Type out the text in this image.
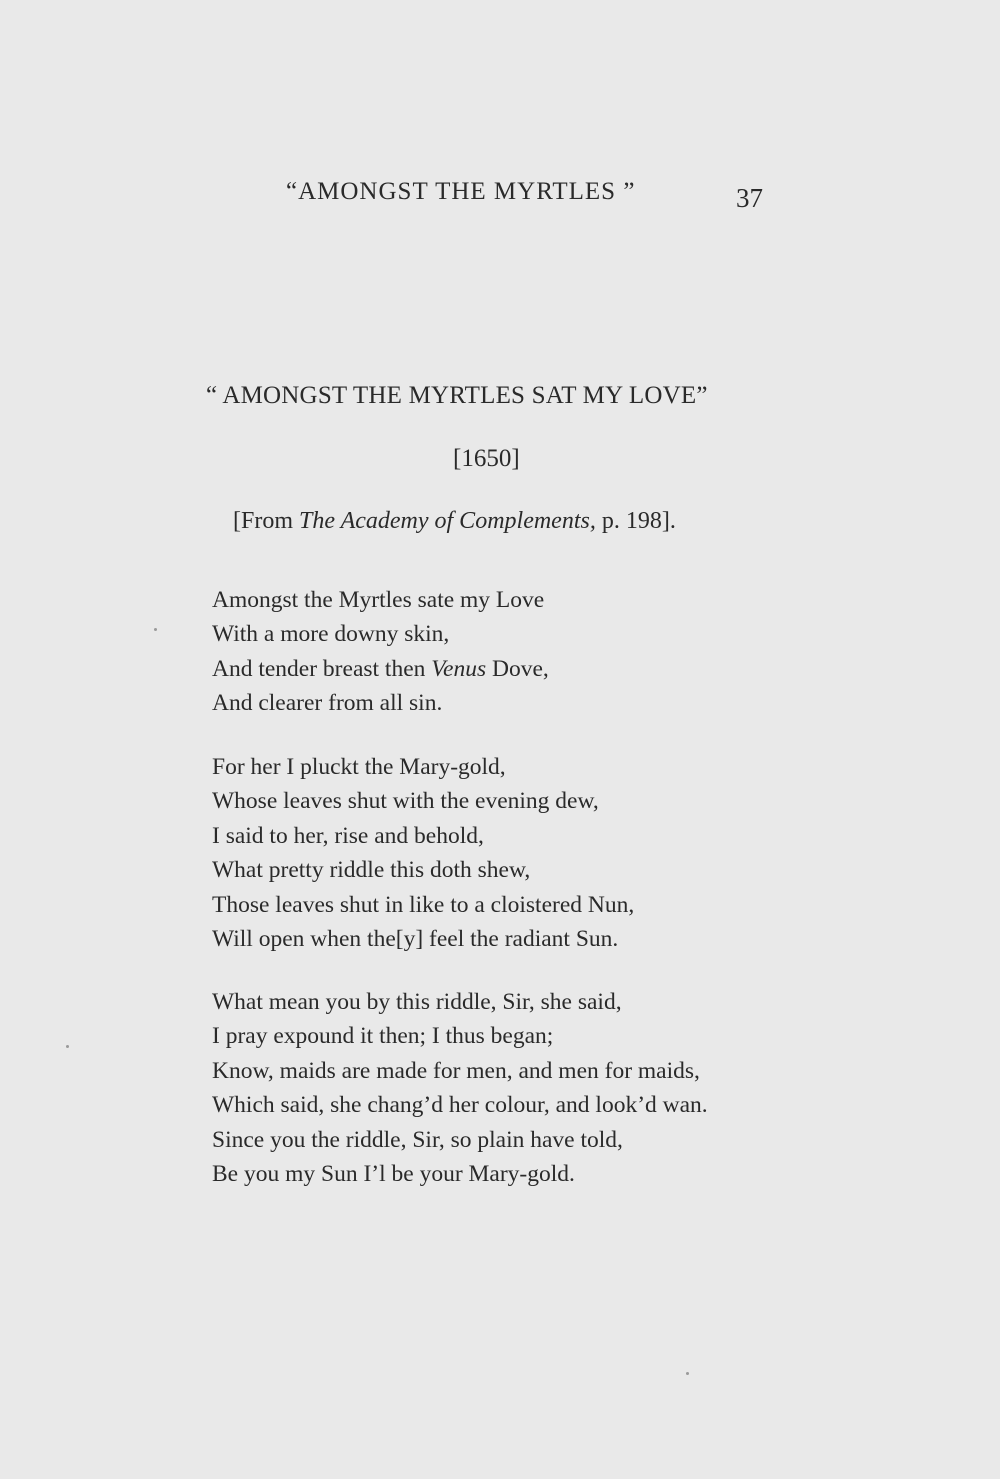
“AMONGST THE MYRTLES ”	37
“ AMONGST THE MYRTLES SAT MY LOVE”
[1650]
[From The Academy of Complements, p. 198].
Amongst the Myrtles sate my Love
With a more downy skin,
And tender breast then Venus Dove,
And clearer from all sin.
For her I pluckt the Mary-gold,
Whose leaves shut with the evening dew,
I said to her, rise and behold,
What pretty riddle this doth shew,
Those leaves shut in like to a cloistered Nun,
Will open when the[y] feel the radiant Sun.
What mean you by this riddle, Sir, she said,
I pray expound it then; I thus began;
Know, maids are made for men, and men for maids,
Which said, she chang’d her colour, and look’d wan.
Since you the riddle, Sir, so plain have told,
Be you my Sun I’l be your Mary-gold.
